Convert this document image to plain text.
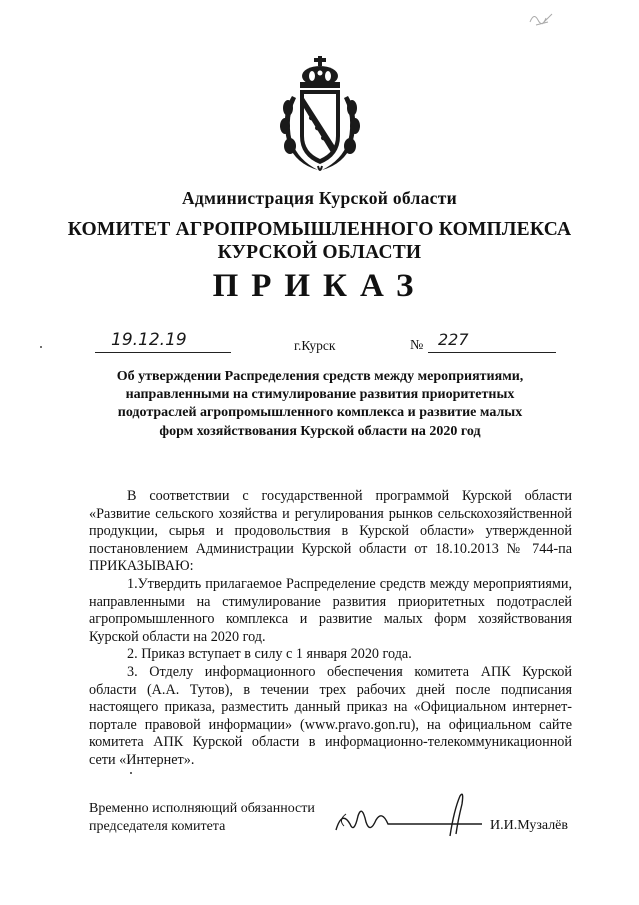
Администрация Курской области
КОМИТЕТ АГРОПРОМЫШЛЕННОГО КОМПЛЕКСА
КУРСКОЙ ОБЛАСТИ
ПРИКАЗ
19.12.19	г.Курск	№ 227
Об утверждении Распределения средств между мероприятиями, направленными на стимулирование развития приоритетных подотраслей агропромышленного комплекса и развитие малых форм хозяйствования Курской области на 2020 год

В соответствии с государственной программой Курской области «Развитие сельского хозяйства и регулирования рынков сельскохозяйственной продукции, сырья и продовольствия в Курской области» утвержденной постановлением Администрации Курской области от 18.10.2013 № 744-па ПРИКАЗЫВАЮ:

1.Утвердить прилагаемое Распределение средств между мероприятиями, направленными на стимулирование развития приоритетных подотраслей агропромышленного комплекса и развитие малых форм хозяйствования Курской области на 2020 год.

2. Приказ вступает в силу с 1 января 2020 года.

3. Отделу информационного обеспечения комитета АПК Курской области (А.А. Тутов), в течении трех рабочих дней после подписания настоящего приказа, разместить данный приказ на «Официальном интернет-портале правовой информации» (www.pravo.gon.ru), на официальном сайте комитета АПК Курской области в информационно-телекоммуникационной сети «Интернет».

Временно исполняющий обязанности
председателя комитета	И.И.Музалёв
